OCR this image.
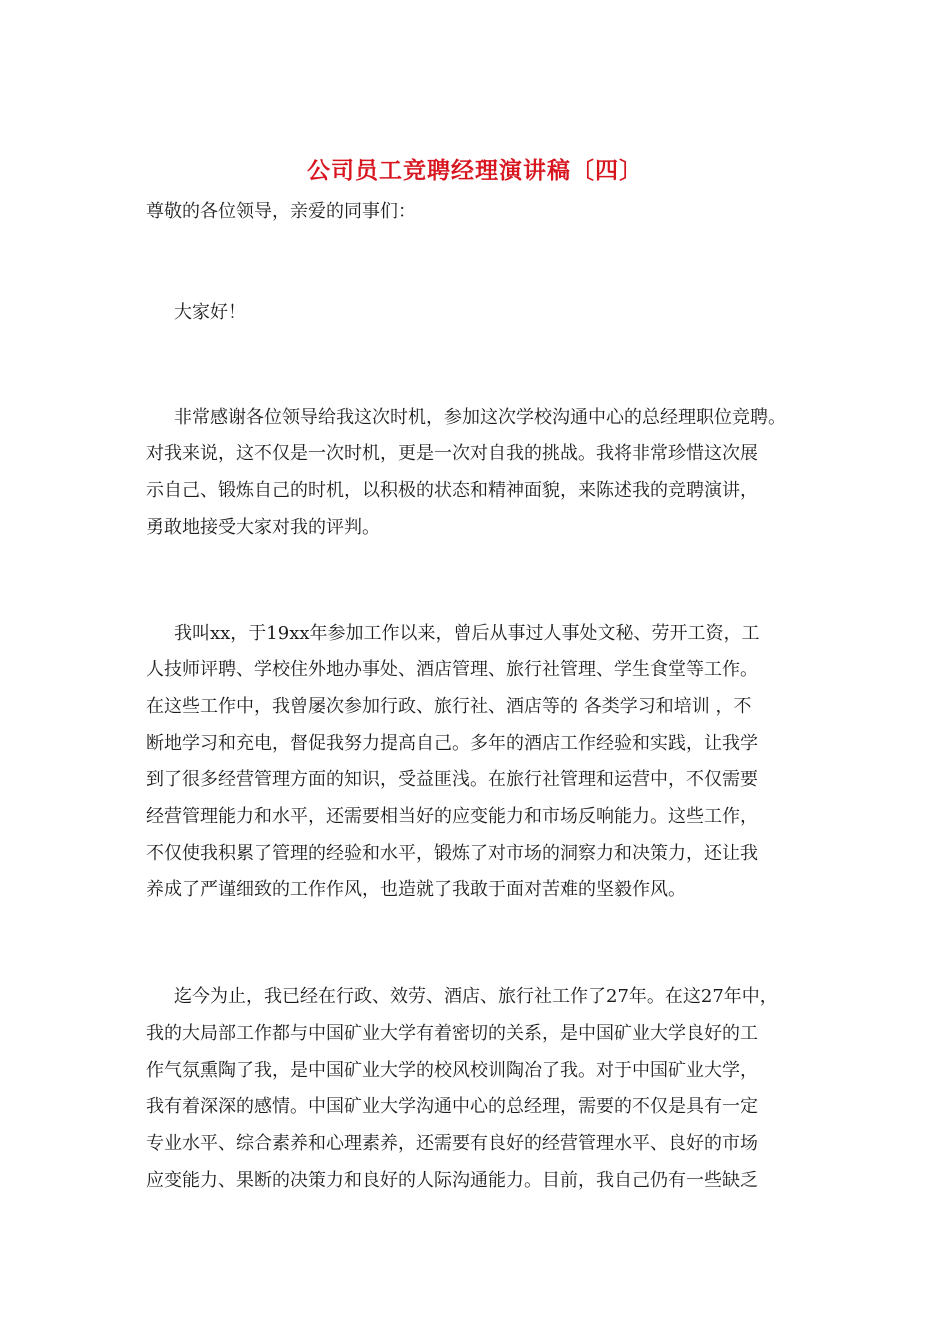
公司员工竞聘经理演讲稿〔四〕
尊敬的各位领导，亲爱的同事们：
大家好！
非常感谢各位领导给我这次时机，参加这次学校沟通中心的总经理职位竞聘。
对我来说，这不仅是一次时机，更是一次对自我的挑战。我将非常珍惜这次展
示自己、锻炼自己的时机，以积极的状态和精神面貌，来陈述我的竞聘演讲，
勇敢地接受大家对我的评判。
我叫xx，于19xx年参加工作以来，曾后从事过人事处文秘、劳开工资，工
人技师评聘、学校住外地办事处、酒店管理、旅行社管理、学生食堂等工作。
在这些工作中，我曾屡次参加行政、旅行社、酒店等的 各类学习和培训 ，不
断地学习和充电，督促我努力提高自己。多年的酒店工作经验和实践，让我学
到了很多经营管理方面的知识，受益匪浅。在旅行社管理和运营中，不仅需要
经营管理能力和水平，还需要相当好的应变能力和市场反响能力。这些工作，
不仅使我积累了管理的经验和水平，锻炼了对市场的洞察力和决策力，还让我
养成了严谨细致的工作作风，也造就了我敢于面对苦难的坚毅作风。
迄今为止，我已经在行政、效劳、酒店、旅行社工作了27年。在这27年中，
我的大局部工作都与中国矿业大学有着密切的关系，是中国矿业大学良好的工
作气氛熏陶了我，是中国矿业大学的校风校训陶冶了我。对于中国矿业大学，
我有着深深的感情。中国矿业大学沟通中心的总经理，需要的不仅是具有一定
专业水平、综合素养和心理素养，还需要有良好的经营管理水平、良好的市场
应变能力、果断的决策力和良好的人际沟通能力。目前，我自己仍有一些缺乏
